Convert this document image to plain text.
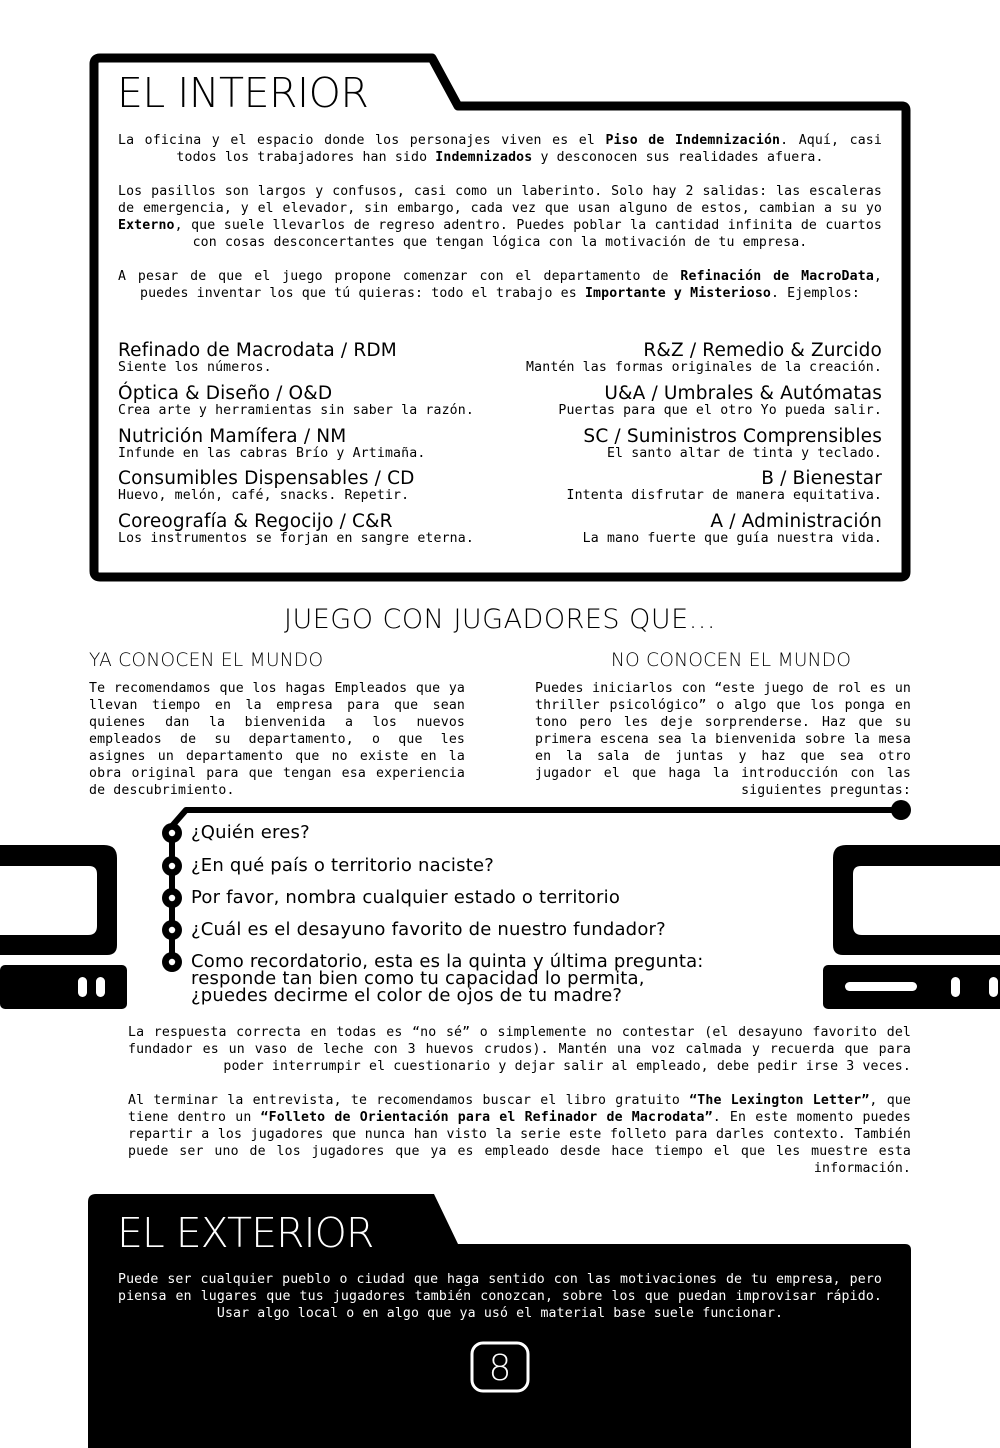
EL INTERIOR

La oficina y el espacio donde los personajes viven es el Piso de Indemnización. Aquí, casi todos los trabajadores han sido Indemnizados y desconocen sus realidades afuera.

Los pasillos son largos y confusos, casi como un laberinto. Solo hay 2 salidas: las escaleras de emergencia, y el elevador, sin embargo, cada vez que usan alguno de estos, cambian a su yo Externo, que suele llevarlos de regreso adentro. Puedes poblar la cantidad infinita de cuartos con cosas desconcertantes que tengan lógica con la motivación de tu empresa.

A pesar de que el juego propone comenzar con el departamento de Refinación de MacroData, puedes inventar los que tú quieras: todo el trabajo es Importante y Misterioso. Ejemplos:

Refinado de Macrodata / RDM
Siente los números.
Óptica & Diseño / O&D
Crea arte y herramientas sin saber la razón.
Nutrición Mamífera / NM
Infunde en las cabras Brío y Artimaña.
Consumibles Dispensables / CD
Huevo, melón, café, snacks. Repetir.
Coreografía & Regocijo / C&R
Los instrumentos se forjan en sangre eterna.
R&Z / Remedio & Zurcido
Mantén las formas originales de la creación.
U&A / Umbrales & Autómatas
Puertas para que el otro Yo pueda salir.
SC / Suministros Comprensibles
El santo altar de tinta y teclado.
B / Bienestar
Intenta disfrutar de manera equitativa.
A / Administración
La mano fuerte que guía nuestra vida.
JUEGO CON JUGADORES QUE...
YA CONOCEN EL MUNDO	NO CONOCEN EL MUNDO
Te recomendamos que los hagas Empleados que ya llevan tiempo en la empresa para que sean quienes dan la bienvenida a los nuevos empleados de su departamento, o que les asignes un departamento que no existe en la obra original para que tengan esa experiencia de descubrimiento.
Puedes iniciarlos con “este juego de rol es un thriller psicológico” o algo que los ponga en tono pero les deje sorprenderse. Haz que su primera escena sea la bienvenida sobre la mesa en la sala de juntas y haz que sea otro jugador el que haga la introducción con las siguientes preguntas:
¿Quién eres?
¿En qué país o territorio naciste?
Por favor, nombra cualquier estado o territorio
¿Cuál es el desayuno favorito de nuestro fundador?
Como recordatorio, esta es la quinta y última pregunta:
responde tan bien como tu capacidad lo permita,
¿puedes decirme el color de ojos de tu madre?

La respuesta correcta en todas es “no sé” o simplemente no contestar (el desayuno favorito del fundador es un vaso de leche con 3 huevos crudos). Mantén una voz calmada y recuerda que para poder interrumpir el cuestionario y dejar salir al empleado, debe pedir irse 3 veces.

Al terminar la entrevista, te recomendamos buscar el libro gratuito “The Lexington Letter”, que tiene dentro un “Folleto de Orientación para el Refinador de Macrodata”. En este momento puedes repartir a los jugadores que nunca han visto la serie este folleto para darles contexto. También puede ser uno de los jugadores que ya es empleado desde hace tiempo el que les muestre esta información.

EL EXTERIOR
Puede ser cualquier pueblo o ciudad que haga sentido con las motivaciones de tu empresa, pero piensa en lugares que tus jugadores también conozcan, sobre los que puedan improvisar rápido. Usar algo local o en algo que ya usó el material base suele funcionar.
8
